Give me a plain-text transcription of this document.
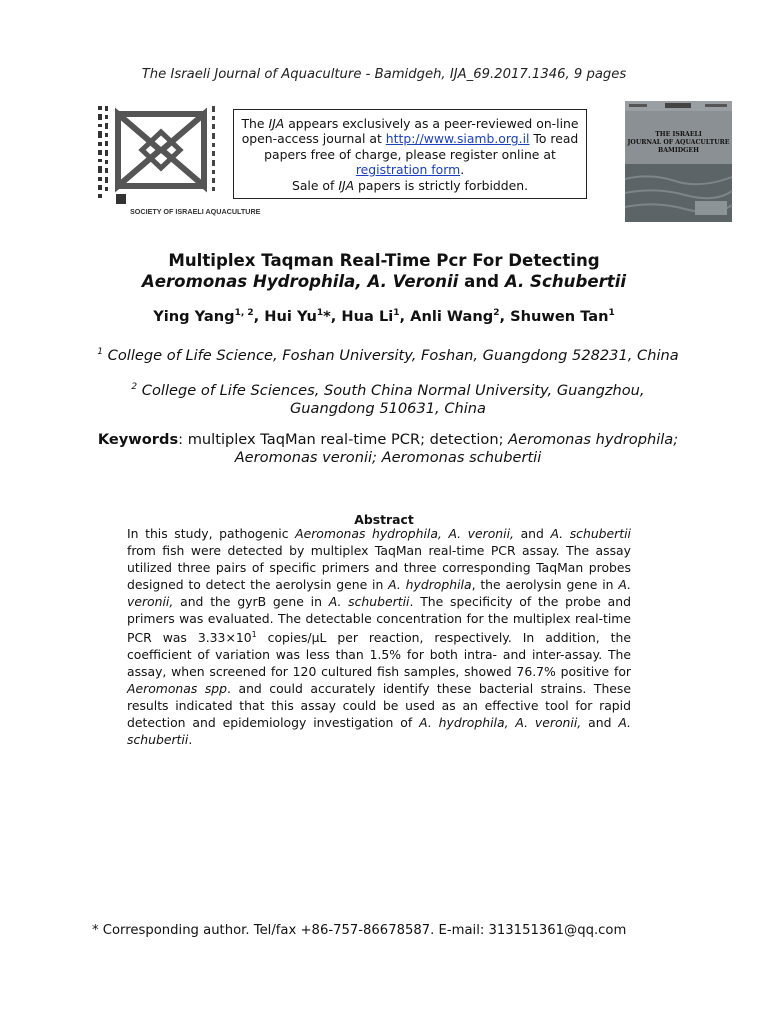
The Israeli Journal of Aquaculture - Bamidgeh, IJA_69.2017.1346, 9 pages
SOCIETY OF ISRAELI AQUACULTURE
The IJA appears exclusively as a peer-reviewed on-line
open-access journal at http://www.siamb.org.il To read
papers free of charge, please register online at
registration form.
Sale of IJA papers is strictly forbidden.
THE ISRAELI
JOURNAL OF AQUACULTURE
BAMIDGEH
Multiplex Taqman Real-Time Pcr For Detecting
Aeromonas Hydrophila, A. Veronii and A. Schubertii
Ying Yang$^{1, 2}$, Hui Yu$^1$*, Hua Li$^1$, Anli Wang$^2$, Shuwen Tan$^1$
$^1$ College of Life Science, Foshan University, Foshan, Guangdong 528231, China
$^2$ College of Life Sciences, South China Normal University, Guangzhou, Guangdong 510631, China
Keywords: multiplex TaqMan real-time PCR; detection; Aeromonas hydrophila; Aeromonas veronii; Aeromonas schubertii
Abstract
In this study, pathogenic Aeromonas hydrophila, A. veronii, and A. schubertii from fish were detected by multiplex TaqMan real-time PCR assay. The assay utilized three pairs of specific primers and three corresponding TaqMan probes designed to detect the aerolysin gene in A. hydrophila, the aerolysin gene in A. veronii, and the gyrB gene in A. schubertii. The specificity of the probe and primers was evaluated. The detectable concentration for the multiplex real-time PCR was $3.33\times 10^1$ copies/μL per reaction, respectively. In addition, the coefficient of variation was less than 1.5% for both intra- and inter-assay. The assay, when screened for 120 cultured fish samples, showed 76.7% positive for Aeromonas spp. and could accurately identify these bacterial strains. These results indicated that this assay could be used as an effective tool for rapid detection and epidemiology investigation of A. hydrophila, A. veronii, and A. schubertii.
* Corresponding author. Tel/fax +86-757-86678587. E-mail: 313151361@qq.com
